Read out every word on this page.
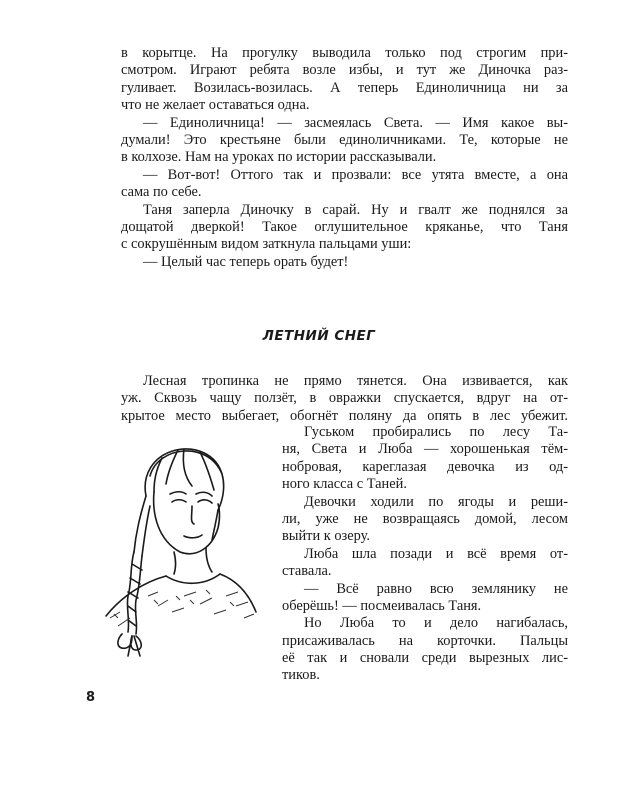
в корытце. На прогулку выводила только под строгим при-
смотром. Играют ребята возле избы, и тут же Диночка раз-
гуливает. Возилась-возилась. А теперь Единоличница ни за
что не желает оставаться одна.
— Единоличница! — засмеялась Света. — Имя какое вы-
думали! Это крестьяне были единоличниками. Те, которые не
в колхозе. Нам на уроках по истории рассказывали.
— Вот-вот! Оттого так и прозвали: все утята вместе, а она
сама по себе.
Таня заперла Диночку в сарай. Ну и гвалт же поднялся за
дощатой дверкой! Такое оглушительное кряканье, что Таня
с сокрушённым видом заткнула пальцами уши:
— Целый час теперь орать будет!
ЛЕТНИЙ СНЕГ
Лесная тропинка не прямо тянется. Она извивается, как
уж. Сквозь чащу ползёт, в овражки спускается, вдруг на от-
крытое место выбегает, обогнёт поляну да опять в лес убежит.
Гуськом пробирались по лесу Та-
ня, Света и Люба — хорошенькая тём-
нобровая, кареглазая девочка из од-
ного класса с Таней.
Девочки ходили по ягоды и реши-
ли, уже не возвращаясь домой, лесом
выйти к озеру.
Люба шла позади и всё время от-
ставала.
— Всё равно всю землянику не
оберёшь! — посмеивалась Таня.
Но Люба то и дело нагибалась,
присаживалась на корточки. Пальцы
её так и сновали среди вырезных лис-
тиков.
8
